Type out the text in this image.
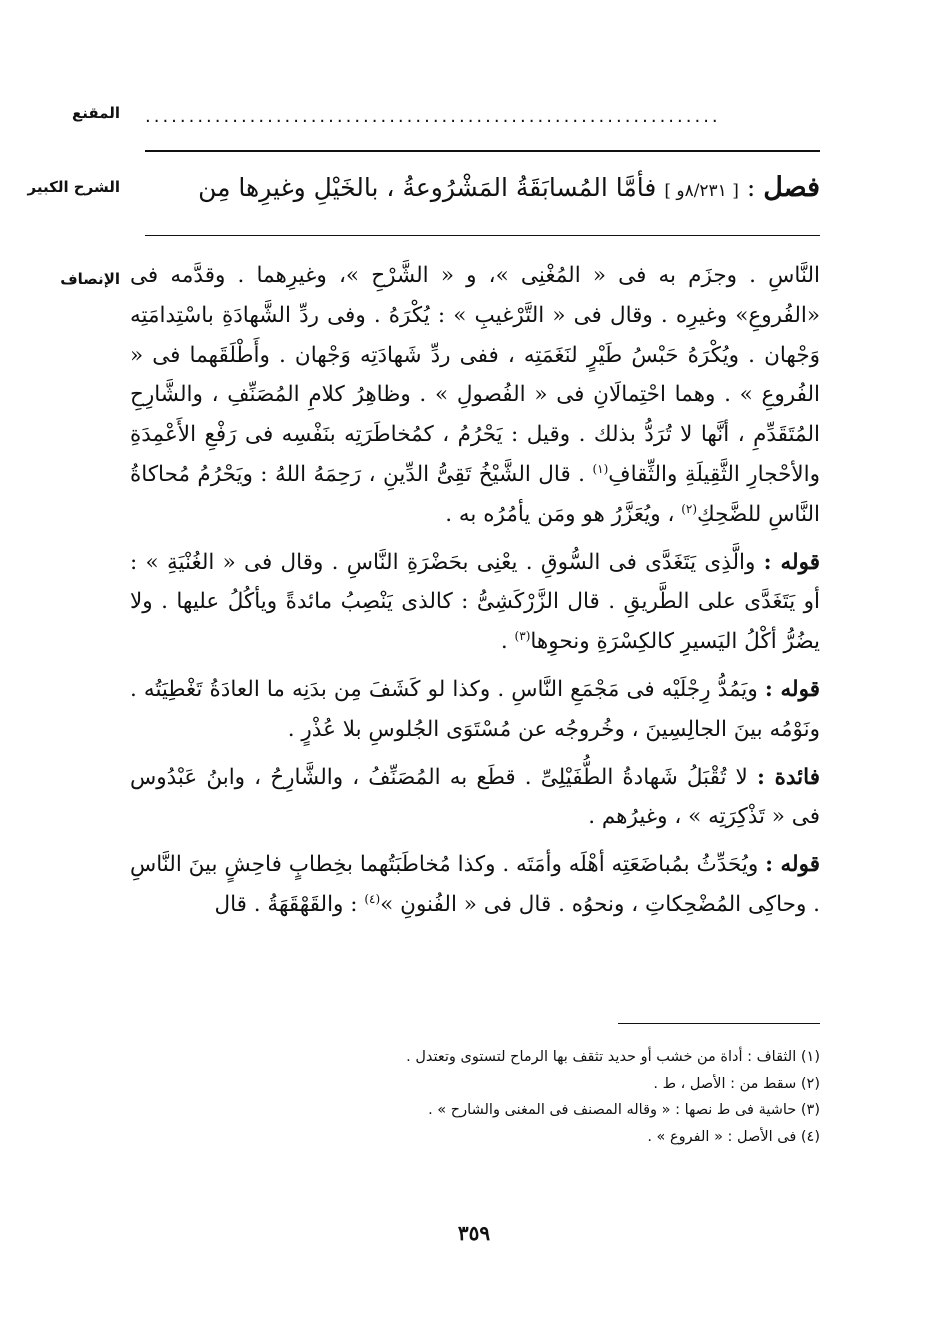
المقنع
الشرح الكبير
الإنصاف
..................................................................
فصل : [ ٨/٢٣١و ] فأمَّا المُسابَقَةُ المَشْرُوعةُ ، بالخَيْلِ وغيرِها مِن

النَّاسِ . وجزَم به فى « المُغْنِى »، و « الشَّرْحِ »، وغيرِهما . وقدَّمه فى «الفُروعِ» وغيرِه . وقال فى « التَّرْغيبِ » : يُكْرَهُ . وفى ردِّ الشَّهادَةِ باسْتِدامَتِه وَجْهان . ويُكْرَهُ حَبْسُ طَيْرٍ لنَغَمَتِه ، ففى ردِّ شَهادَتِه وَجْهان . وأَطْلَقَهما فى « الفُروعِ » . وهما احْتِمالَانِ فى « الفُصولِ » . وظاهِرُ كلامِ المُصَنِّفِ ، والشَّارِحِ المُتَقَدِّمِ ، أنَّها لا تُرَدُّ بذلك . وقيل : يَحْرُمُ ، كمُخاطَرَتِه بنَفْسِه فى رَفْعِ الأَعْمِدَةِ والأحْجارِ الثَّقِيلَةِ والثِّقافِ$^{(١)}$ . قال الشَّيْخُ تَقِىُّ الدِّينِ ، رَحِمَهُ اللهُ : ويَحْرُمُ مُحاكاةُ النَّاسِ للضَّحِكِ$^{(٢)}$ ، ويُعَزَّرُ هو ومَن يأمُرُه به .

قوله : والَّذِى يَتَغَدَّى فى السُّوقِ . يعْنِى بحَضْرَةِ النَّاسِ . وقال فى « الغُنْيَةِ » : أو يَتَغَدَّى على الطَّريقِ . قال الزَّرْكَشِىُّ : كالذى يَنْصِبُ مائدةً ويأكُلُ عليها . ولا يضُرُّ أكْلُ اليَسيرِ كالكِسْرَةِ ونحوِها$^{(٣)}$ .

قوله : ويَمُدُّ رِجْلَيْه فى مَجْمَعِ النَّاسِ . وكذا لو كَشَفَ مِن بدَنِه ما العادَةُ تَغْطِيَتُه . ونَوْمُه بينَ الجالِسِينَ ، وخُروجُه عن مُسْتَوَى الجُلوسِ بلا عُذْرٍ .

فائدة : لا تُقْبَلُ شَهادةُ الطُّفَيْلِىِّ . قطَع به المُصَنِّفُ ، والشَّارِحُ ، وابنُ عَبْدُوس فى « تَذْكِرَتِه » ، وغيرُهم .

قوله : ويُحَدِّثُ بمُباضَعَتِه أهْلَه وأمَتَه . وكذا مُخاطَبَتُهما بخِطابٍ فاحِشٍ بينَ النَّاسِ . وحاكِى المُضْحِكاتِ ، ونحوُه . قال فى « الفُنونِ »$^{(٤)}$ : والقَهْقَهَةُ . قال

(١) الثقاف : أداة من خشب أو حديد تثقف بها الرماح لتستوى وتعتدل .
(٢) سقط من : الأصل ، ط .
(٣) حاشية فى ط نصها : « وقاله المصنف فى المغنى والشارح » .
(٤) فى الأصل : « الفروع » .
٣٥٩
